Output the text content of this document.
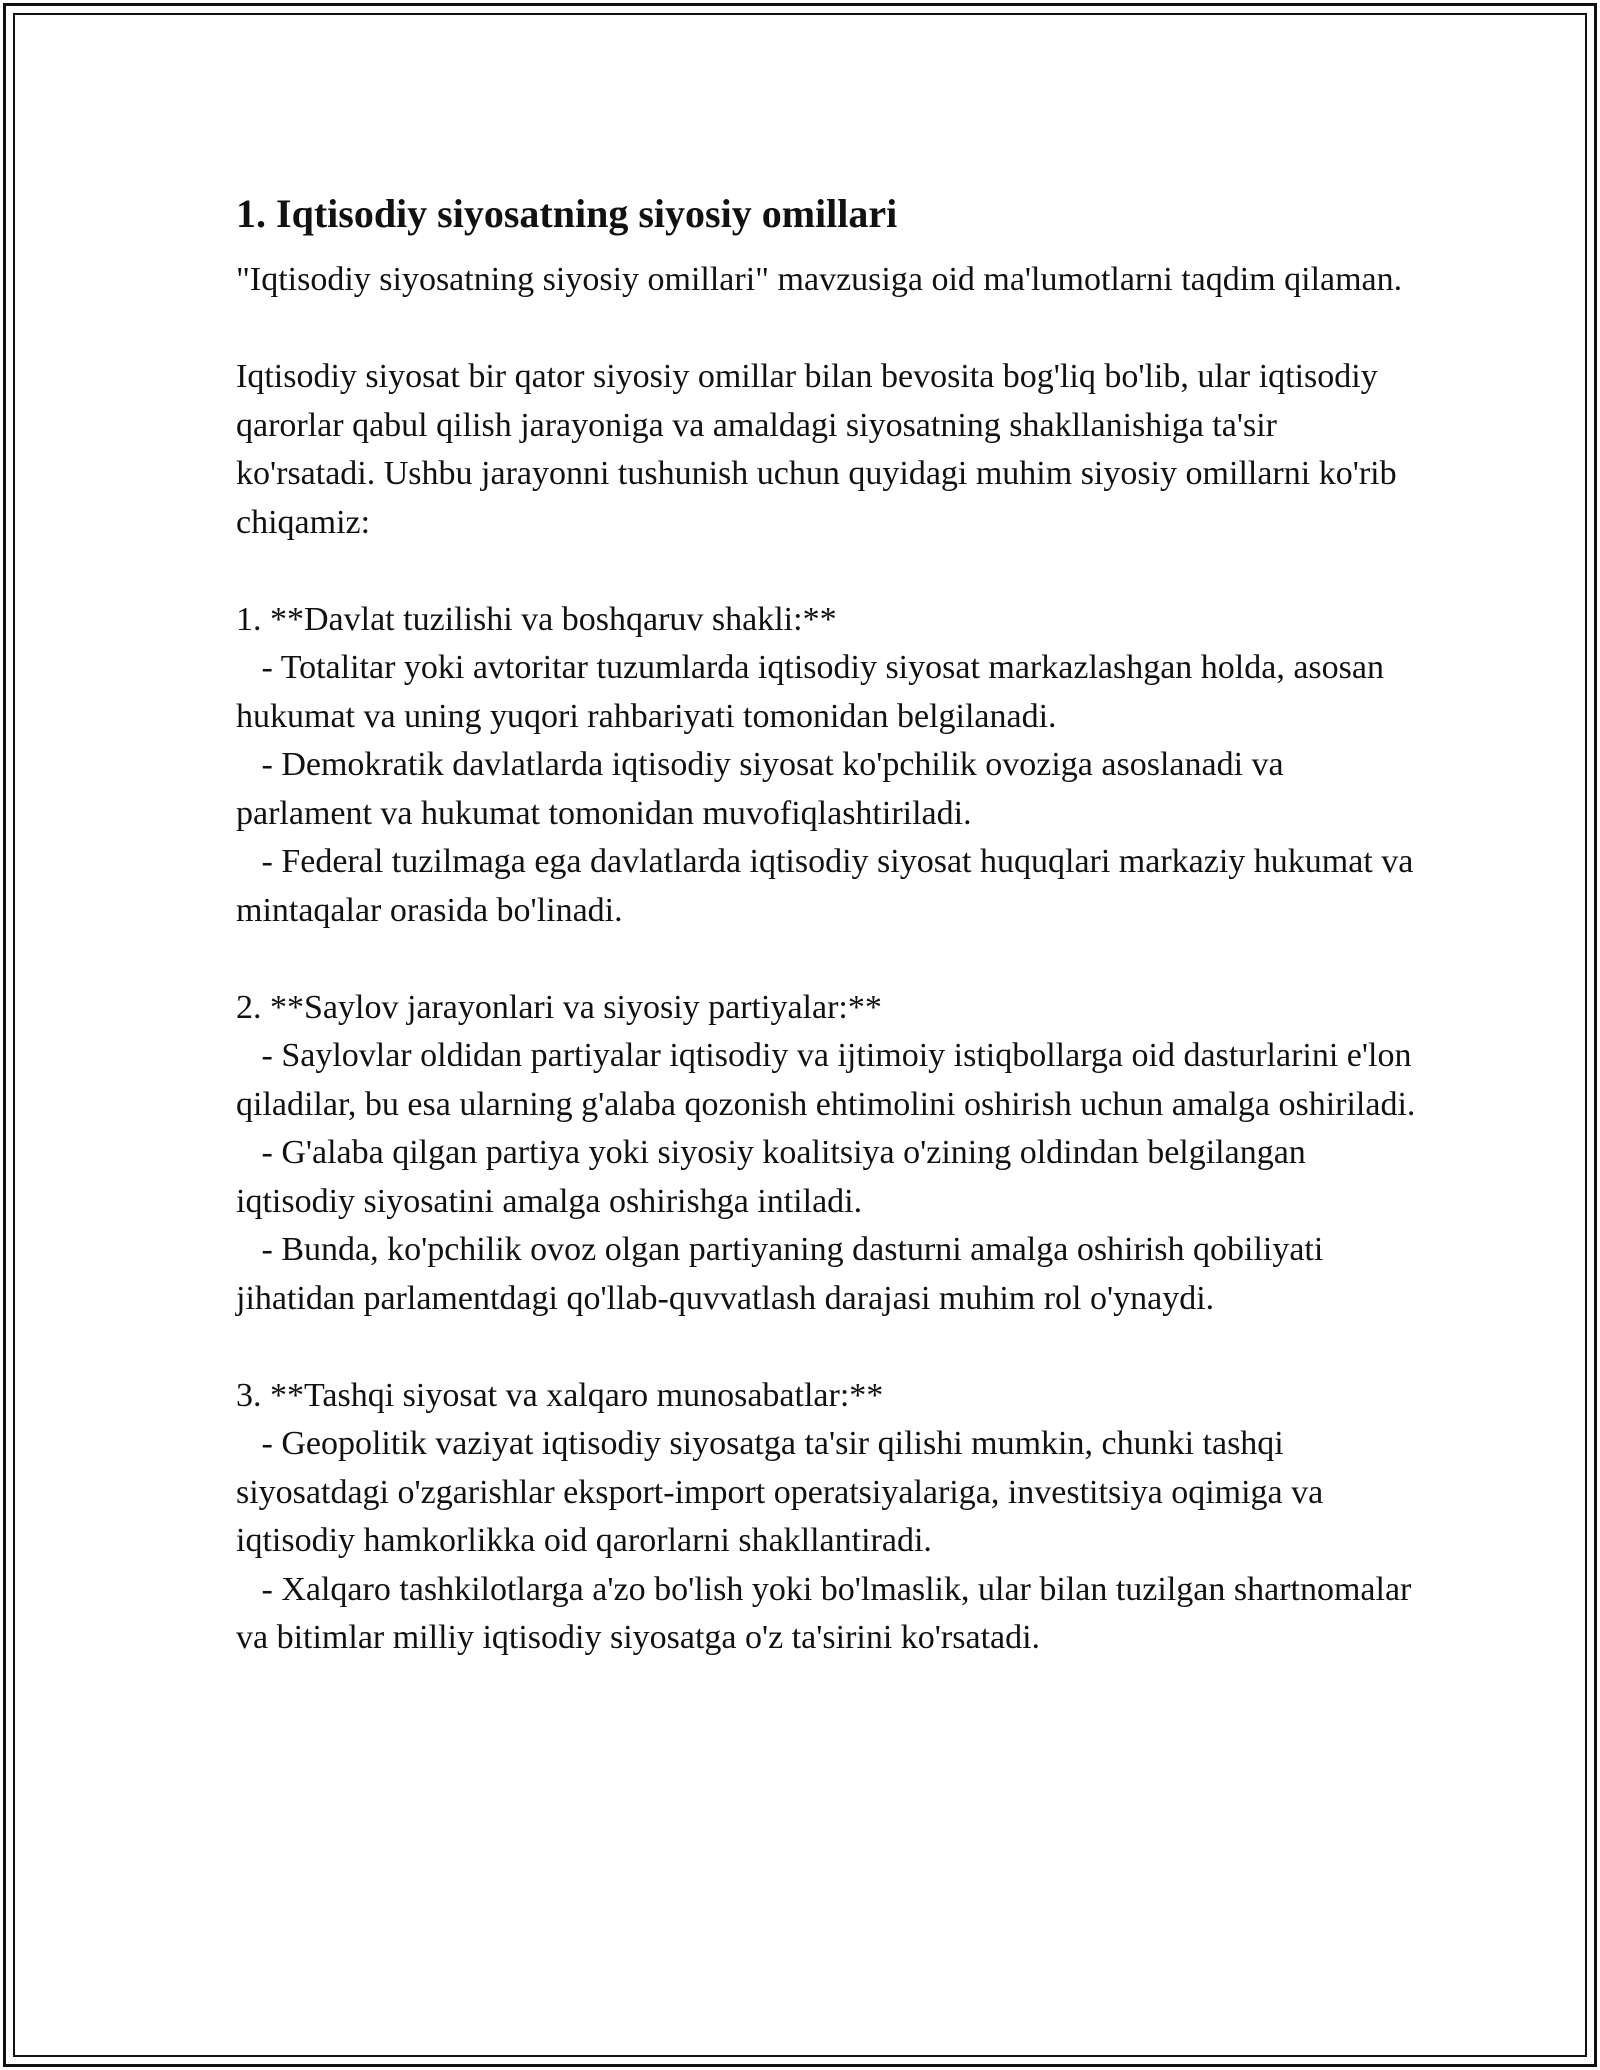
1. Iqtisodiy siyosatning siyosiy omillari

"Iqtisodiy siyosatning siyosiy omillari" mavzusiga oid ma'lumotlarni taqdim qilaman.

Iqtisodiy siyosat bir qator siyosiy omillar bilan bevosita bog'liq bo'lib, ular iqtisodiy qarorlar qabul qilish jarayoniga va amaldagi siyosatning shakllanishiga ta'sir ko'rsatadi. Ushbu jarayonni tushunish uchun quyidagi muhim siyosiy omillarni ko'rib chiqamiz:

1. **Davlat tuzilishi va boshqaruv shakli:**

- Totalitar yoki avtoritar tuzumlarda iqtisodiy siyosat markazlashgan holda, asosan hukumat va uning yuqori rahbariyati tomonidan belgilanadi.

- Demokratik davlatlarda iqtisodiy siyosat ko'pchilik ovoziga asoslanadi va parlament va hukumat tomonidan muvofiqlashtiriladi.

- Federal tuzilmaga ega davlatlarda iqtisodiy siyosat huquqlari markaziy hukumat va mintaqalar orasida bo'linadi.

2. **Saylov jarayonlari va siyosiy partiyalar:**

- Saylovlar oldidan partiyalar iqtisodiy va ijtimoiy istiqbollarga oid dasturlarini e'lon qiladilar, bu esa ularning g'alaba qozonish ehtimolini oshirish uchun amalga oshiriladi.

- G'alaba qilgan partiya yoki siyosiy koalitsiya o'zining oldindan belgilangan iqtisodiy siyosatini amalga oshirishga intiladi.

- Bunda, ko'pchilik ovoz olgan partiyaning dasturni amalga oshirish qobiliyati jihatidan parlamentdagi qo'llab-quvvatlash darajasi muhim rol o'ynaydi.

3. **Tashqi siyosat va xalqaro munosabatlar:**

- Geopolitik vaziyat iqtisodiy siyosatga ta'sir qilishi mumkin, chunki tashqi siyosatdagi o'zgarishlar eksport-import operatsiyalariga, investitsiya oqimiga va iqtisodiy hamkorlikka oid qarorlarni shakllantiradi.

- Xalqaro tashkilotlarga a'zo bo'lish yoki bo'lmaslik, ular bilan tuzilgan shartnomalar va bitimlar milliy iqtisodiy siyosatga o'z ta'sirini ko'rsatadi.
